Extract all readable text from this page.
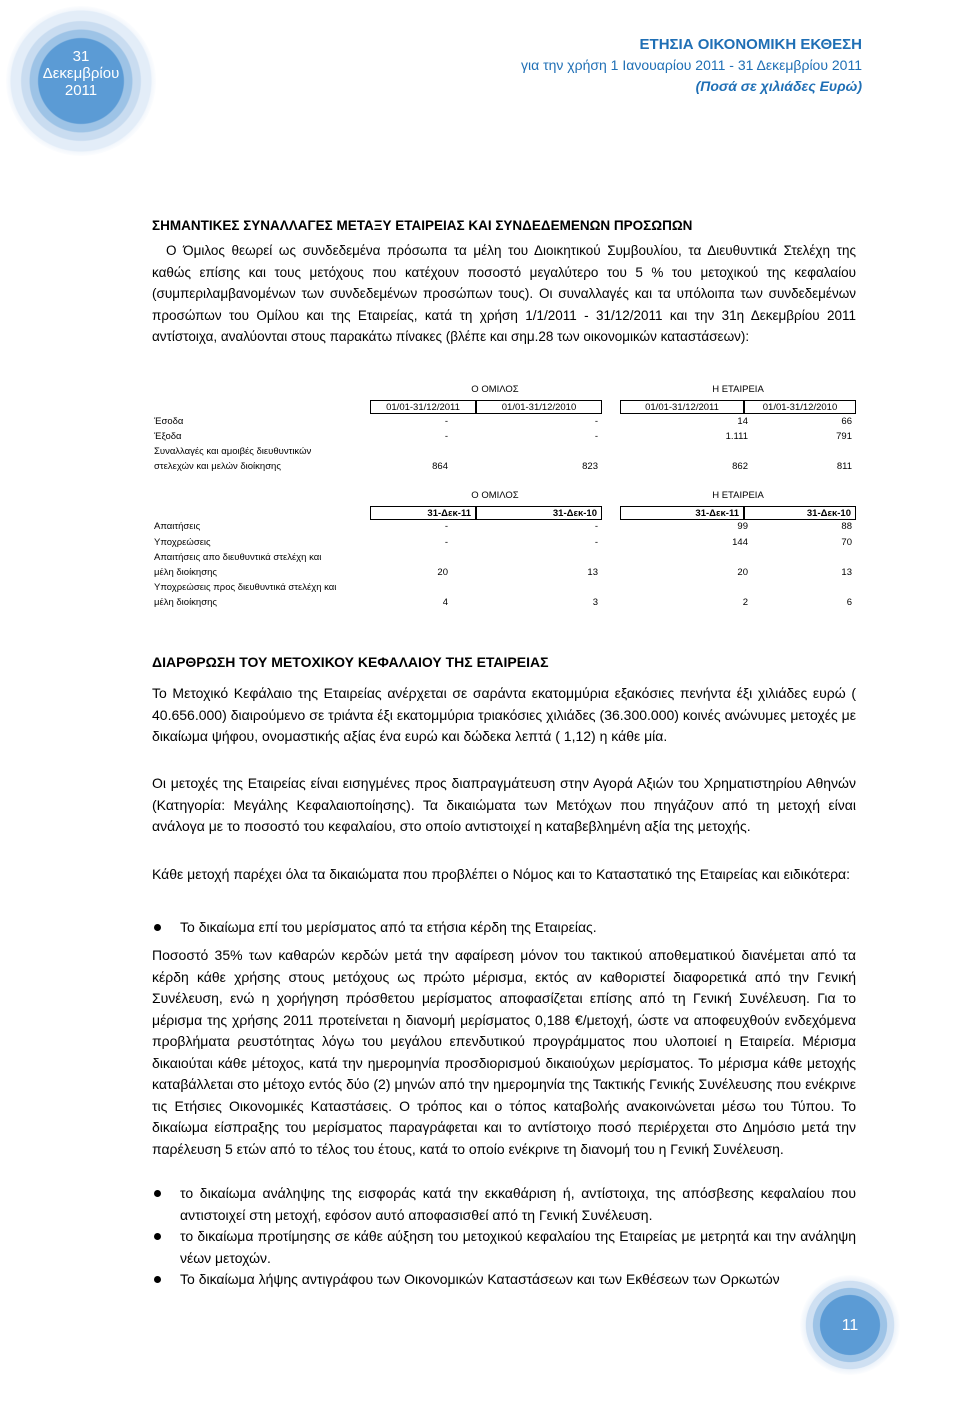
31
Δεκεμβρίου
2011
ΕΤΗΣΙΑ ΟΙΚΟΝΟΜΙΚΗ ΕΚΘΕΣΗ
για την χρήση 1 Ιανουαρίου 2011 - 31 Δεκεμβρίου 2011
(Ποσά σε χιλιάδες Ευρώ)
ΣΗΜΑΝΤΙΚΕΣ ΣΥΝΑΛΛΑΓΕΣ ΜΕΤΑΞΥ ΕΤΑΙΡΕΙΑΣ ΚΑΙ ΣΥΝΔΕΔΕΜΕΝΩΝ ΠΡΟΣΩΠΩΝ
Ο Όμιλος θεωρεί ως συνδεδεμένα πρόσωπα τα μέλη του Διοικητικού Συμβουλίου, τα Διευθυντικά Στελέχη της καθώς επίσης και τους μετόχους που κατέχουν ποσοστό μεγαλύτερο του 5 % του μετοχικού της κεφαλαίου (συμπεριλαμβανομένων των συνδεδεμένων προσώπων τους). Οι συναλλαγές και τα υπόλοιπα των συνδεδεμένων προσώπων του Ομίλου και της Εταιρείας, κατά τη χρήση 1/1/2011 - 31/12/2011 και την 31η Δεκεμβρίου 2011 αντίστοιχα, αναλύονται στους παρακάτω πίνακες (βλέπε και σημ.28 των οικονομικών καταστάσεων):
Ο ΟΜΙΛΟΣ	Η ΕΤΑΙΡΕΙΑ
01/01-31/12/2011	01/01-31/12/2010	01/01-31/12/2011	01/01-31/12/2010
Έσοδα	-	-	14	66
Έξοδα	-	-	1.111	791
Συναλλαγές και αμοιβές διευθυντικών
στελεχών και μελών διοίκησης	864	823	862	811
Ο ΟΜΙΛΟΣ	Η ΕΤΑΙΡΕΙΑ
31-Δεκ-11	31-Δεκ-10	31-Δεκ-11	31-Δεκ-10
Απαιτήσεις	-	-	99	88
Υποχρεώσεις	-	-	144	70
Απαιτήσεις απο διευθυντικά στελέχη και
μέλη διοίκησης	20	13	20	13
Υποχρεώσεις προς διευθυντικά στελέχη και
μέλη διοίκησης	4	3	2	6
ΔΙΑΡΘΡΩΣΗ ΤΟΥ ΜΕΤΟΧΙΚΟΥ ΚΕΦΑΛΑΙΟΥ ΤΗΣ ΕΤΑΙΡΕΙΑΣ
Το Μετοχικό Κεφάλαιο της Εταιρείας ανέρχεται σε σαράντα εκατομμύρια εξακόσιες πενήντα έξι χιλιάδες ευρώ ( 40.656.000) διαιρούμενο σε τριάντα έξι εκατομμύρια τριακόσιες χιλιάδες (36.300.000) κοινές ανώνυμες μετοχές με δικαίωμα ψήφου, ονομαστικής αξίας ένα ευρώ και δώδεκα λεπτά ( 1,12) η κάθε μία.
Οι μετοχές της Εταιρείας είναι εισηγμένες προς διαπραγμάτευση στην Αγορά Αξιών του Χρηματιστηρίου Αθηνών (Κατηγορία: Μεγάλης Κεφαλαιοποίησης). Τα δικαιώματα των Μετόχων που πηγάζουν από τη μετοχή είναι ανάλογα με το ποσοστό του κεφαλαίου, στο οποίο αντιστοιχεί η καταβεβλημένη αξία της μετοχής.
Κάθε μετοχή παρέχει όλα τα δικαιώματα που προβλέπει ο Νόμος και το Καταστατικό της Εταιρείας και ειδικότερα:
Το δικαίωμα επί του μερίσματος από τα ετήσια κέρδη της Εταιρείας.
Ποσοστό 35% των καθαρών κερδών μετά την αφαίρεση μόνον του τακτικού αποθεματικού διανέμεται από τα κέρδη κάθε χρήσης στους μετόχους ως πρώτο μέρισμα, εκτός αν καθοριστεί διαφορετικά από την Γενική Συνέλευση, ενώ η χορήγηση πρόσθετου μερίσματος αποφασίζεται επίσης από τη Γενική Συνέλευση. Για το μέρισμα της χρήσης 2011 προτείνεται η διανομή μερίσματος 0,188 €/μετοχή, ώστε να αποφευχθούν ενδεχόμενα προβλήματα ρευστότητας λόγω του μεγάλου επενδυτικού προγράμματος που υλοποιεί η Εταιρεία. Μέρισμα δικαιούται κάθε μέτοχος, κατά την ημερομηνία προσδιορισμού δικαιούχων μερίσματος. Το μέρισμα κάθε μετοχής καταβάλλεται στο μέτοχο εντός δύο (2) μηνών από την ημερομηνία της Τακτικής Γενικής Συνέλευσης που ενέκρινε τις Ετήσιες Οικονομικές Καταστάσεις. Ο τρόπος και ο τόπος καταβολής ανακοινώνεται μέσω του Τύπου. Το δικαίωμα είσπραξης του μερίσματος παραγράφεται και το αντίστοιχο ποσό περιέρχεται στο Δημόσιο μετά την παρέλευση 5 ετών από το τέλος του έτους, κατά το οποίο ενέκρινε τη διανομή του η Γενική Συνέλευση.
το δικαίωμα ανάληψης της εισφοράς κατά την εκκαθάριση ή, αντίστοιχα, της απόσβεσης κεφαλαίου που αντιστοιχεί στη μετοχή, εφόσον αυτό αποφασισθεί από τη Γενική Συνέλευση.
το δικαίωμα προτίμησης σε κάθε αύξηση του μετοχικού κεφαλαίου της Εταιρείας με μετρητά και την ανάληψη νέων μετοχών.
Το δικαίωμα λήψης αντιγράφου των Οικονομικών Καταστάσεων και των Εκθέσεων των Ορκωτών
11
